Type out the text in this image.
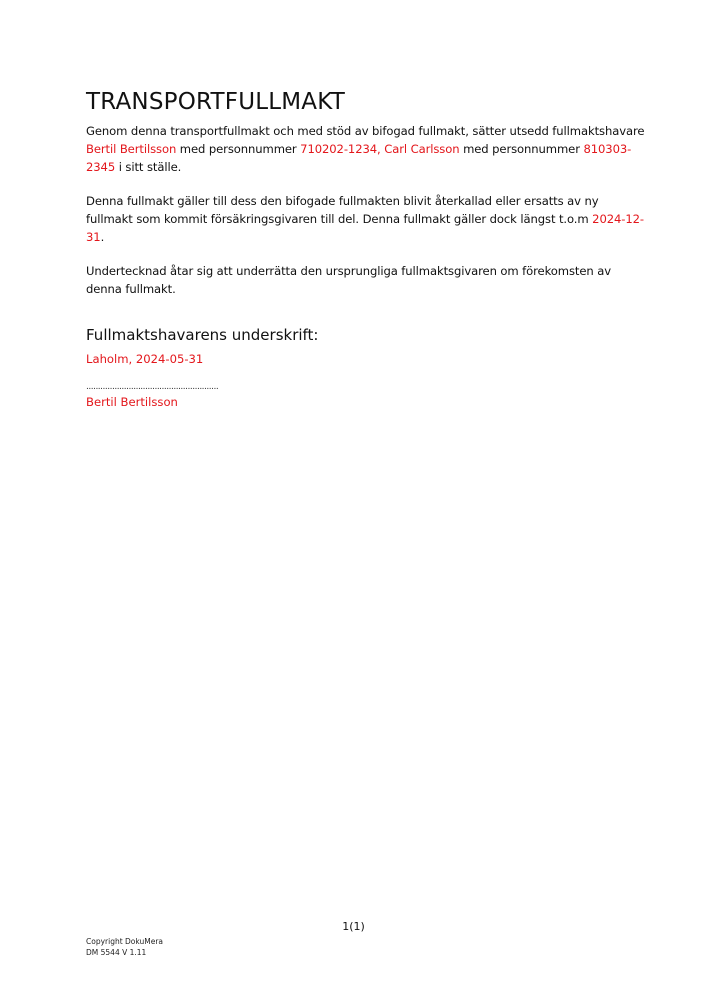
TRANSPORTFULLMAKT

Genom denna transportfullmakt och med stöd av bifogad fullmakt, sätter utsedd fullmaktshavare Bertil Bertilsson med personnummer 710202-1234, Carl Carlsson med personnummer 810303-2345 i sitt ställe.

Denna fullmakt gäller till dess den bifogade fullmakten blivit återkallad eller ersatts av ny fullmakt som kommit försäkringsgivaren till del. Denna fullmakt gäller dock längst t.o.m 2024-12-31.

Undertecknad åtar sig att underrätta den ursprungliga fullmaktsgivaren om förekomsten av denna fullmakt.

Fullmaktshavarens underskrift:
Laholm, 2024-05-31
........................................................
Bertil Bertilsson
1(1)
Copyright DokuMera
DM 5544 V 1.11
